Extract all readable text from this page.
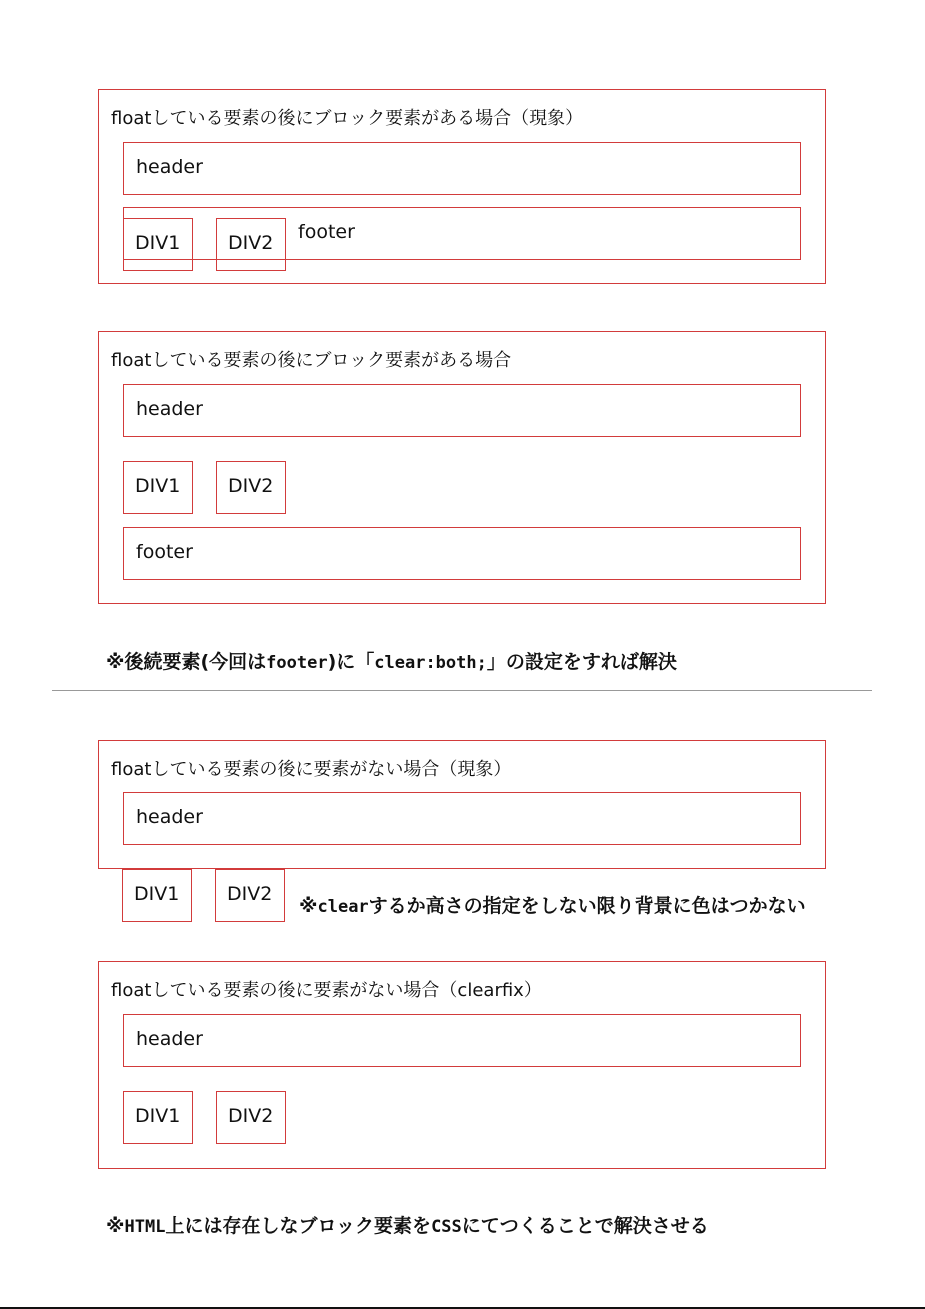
floatしている要素の後にブロック要素がある場合（現象）
header
footer
DIV1	DIV2
floatしている要素の後にブロック要素がある場合
header
DIV1	DIV2
footer
※後続要素(今回はfooter)に「clear:both;」の設定をすれば解決
floatしている要素の後に要素がない場合（現象）
header
DIV1	DIV2
※clearするか高さの指定をしない限り背景に色はつかない
floatしている要素の後に要素がない場合（clearfix）
header
DIV1	DIV2
※HTML上には存在しなブロック要素をCSSにてつくることで解決させる
